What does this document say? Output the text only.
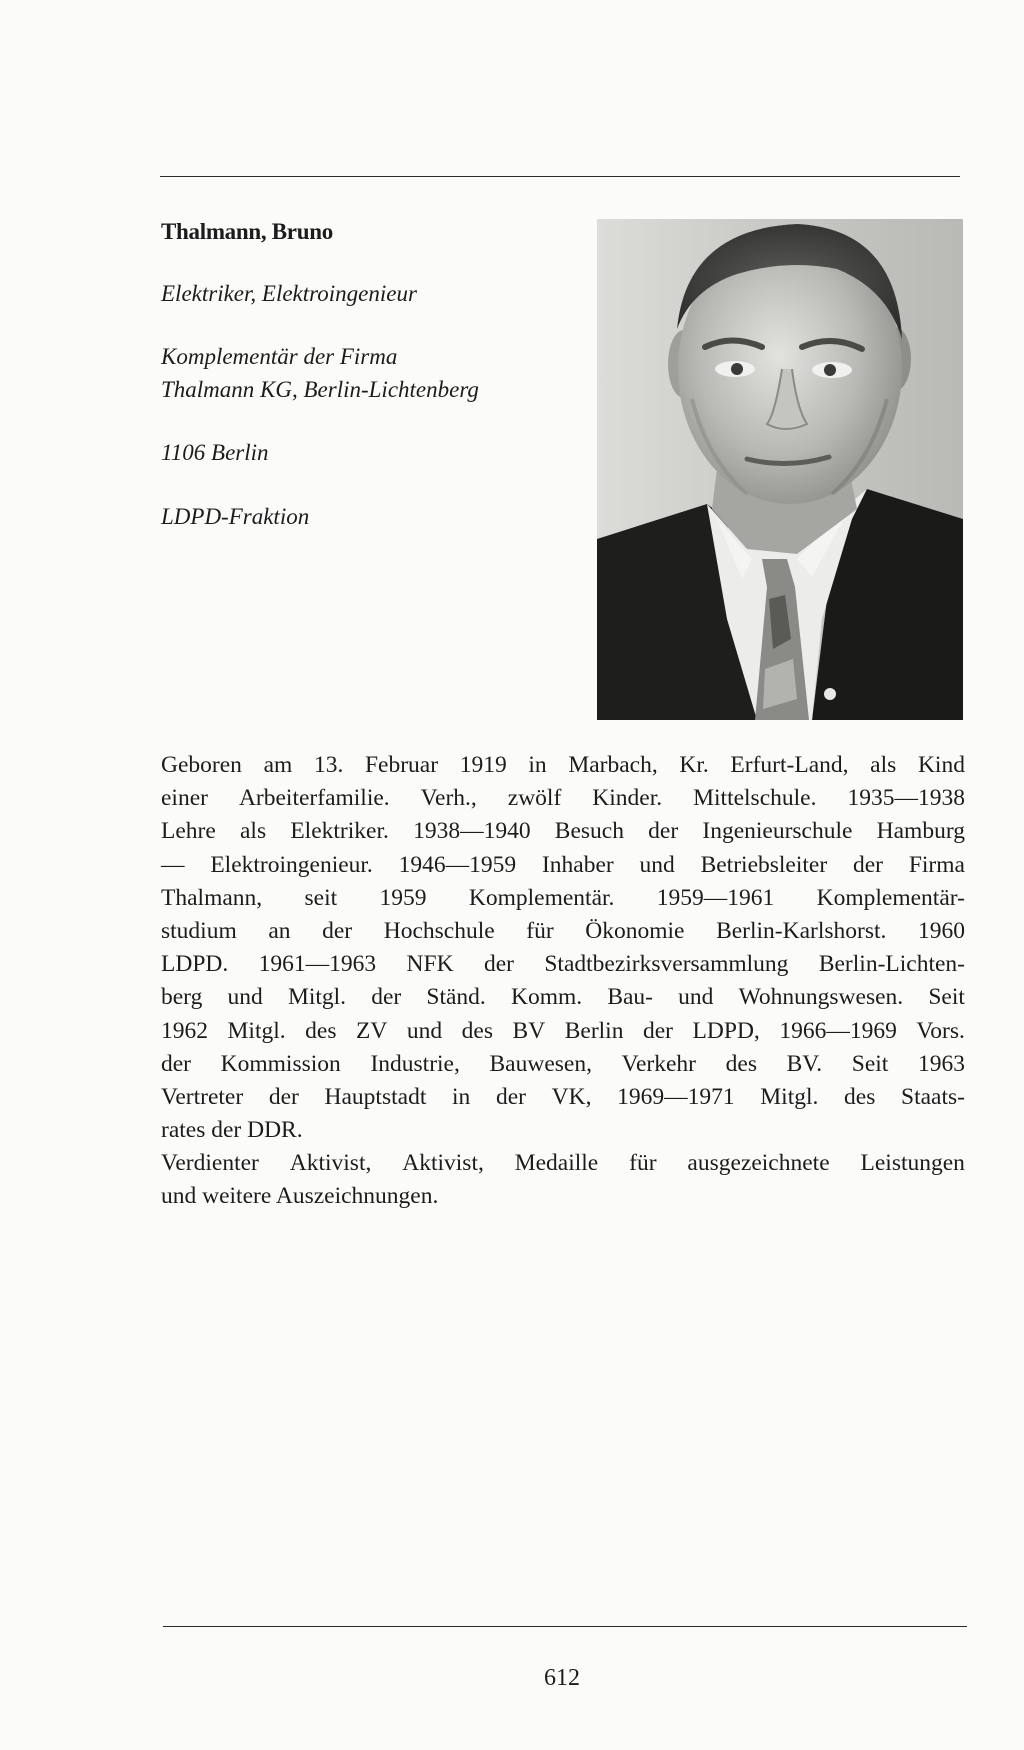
Thalmann, Bruno
Elektriker, Elektroingenieur
Komplementär der Firma
Thalmann KG, Berlin-Lichtenberg
1106 Berlin
LDPD-Fraktion
Geboren am 13. Februar 1919 in Marbach, Kr. Erfurt-Land, als Kind
einer Arbeiterfamilie. Verh., zwölf Kinder. Mittelschule. 1935—1938
Lehre als Elektriker. 1938—1940 Besuch der Ingenieurschule Hamburg
— Elektroingenieur. 1946—1959 Inhaber und Betriebsleiter der Firma
Thalmann, seit 1959 Komplementär. 1959—1961 Komplementär-
studium an der Hochschule für Ökonomie Berlin-Karlshorst. 1960
LDPD. 1961—1963 NFK der Stadtbezirksversammlung Berlin-Lichten-
berg und Mitgl. der Ständ. Komm. Bau- und Wohnungswesen. Seit
1962 Mitgl. des ZV und des BV Berlin der LDPD, 1966—1969 Vors.
der Kommission Industrie, Bauwesen, Verkehr des BV. Seit 1963
Vertreter der Hauptstadt in der VK, 1969—1971 Mitgl. des Staats-
rates der DDR.
Verdienter Aktivist, Aktivist, Medaille für ausgezeichnete Leistungen
und weitere Auszeichnungen.
612
